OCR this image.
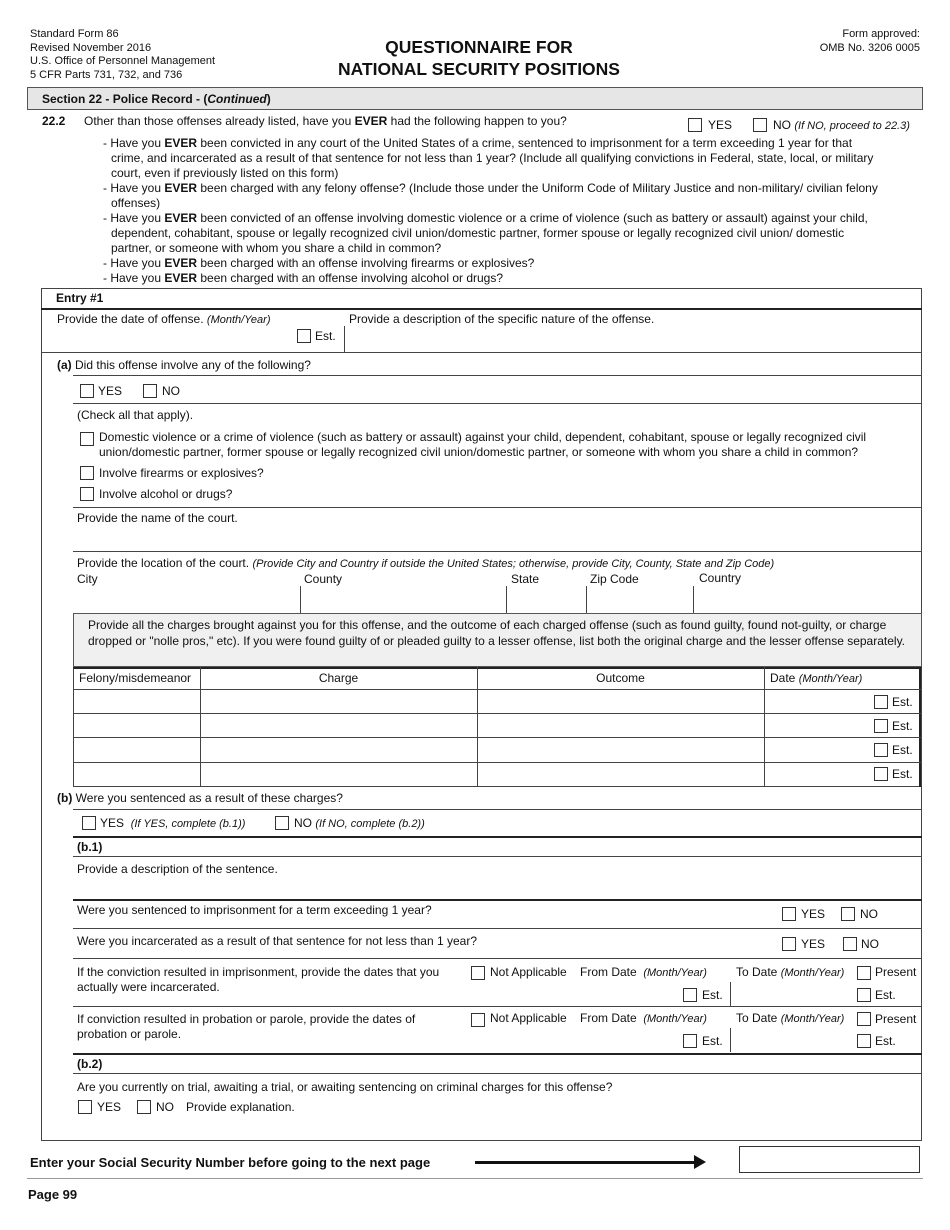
Standard Form 86
Revised November 2016
U.S. Office of Personnel Management
5 CFR Parts 731, 732, and 736
QUESTIONNAIRE FOR
NATIONAL SECURITY POSITIONS
Form approved:
OMB No. 3206 0005
Section 22 - Police Record - (Continued)
22.2 Other than those offenses already listed, have you EVER had the following happen to you?	YES	NO (If NO, proceed to 22.3)
- Have you EVER been convicted in any court of the United States of a crime, sentenced to imprisonment for a term exceeding 1 year for that crime, and incarcerated as a result of that sentence for not less than 1 year? (Include all qualifying convictions in Federal, state, local, or military court, even if previously listed on this form)
- Have you EVER been charged with any felony offense? (Include those under the Uniform Code of Military Justice and non-military/ civilian felony offenses)
- Have you EVER been convicted of an offense involving domestic violence or a crime of violence (such as battery or assault) against your child, dependent, cohabitant, spouse or legally recognized civil union/domestic partner, former spouse or legally recognized civil union/ domestic partner, or someone with whom you share a child in common?
- Have you EVER been charged with an offense involving firearms or explosives?
- Have you EVER been charged with an offense involving alcohol or drugs?
Entry #1
Provide the date of offense. (Month/Year)
Est.
Provide a description of the specific nature of the offense.
(a) Did this offense involve any of the following?
YES	NO
(Check all that apply).
Domestic violence or a crime of violence (such as battery or assault) against your child, dependent, cohabitant, spouse or legally recognized civil
union/domestic partner, former spouse or legally recognized civil union/domestic partner, or someone with whom you share a child in common?
Involve firearms or explosives?
Involve alcohol or drugs?
Provide the name of the court.
Provide the location of the court. (Provide City and Country if outside the United States; otherwise, provide City, County, State and Zip Code)
City	County	State	Zip Code	Country
Provide all the charges brought against you for this offense, and the outcome of each charged offense (such as found guilty, found not-guilty, or charge dropped or "nolle pros," etc). If you were found guilty of or pleaded guilty to a lesser offense, list both the original charge and the lesser offense separately.
Felony/misdemeanor	Charge	Outcome	Date (Month/Year)
Est.
Est.
Est.
Est.
(b) Were you sentenced as a result of these charges?
YES (If YES, complete (b.1))	NO (If NO, complete (b.2))
(b.1)
Provide a description of the sentence.
Were you sentenced to imprisonment for a term exceeding 1 year?	YES	NO
Were you incarcerated as a result of that sentence for not less than 1 year?	YES	NO
If the conviction resulted in imprisonment, provide the dates that you
actually were incarcerated.
Not Applicable From Date (Month/Year)
Est.
To Date (Month/Year)	Present
Est.
If conviction resulted in probation or parole, provide the dates of
probation or parole.
Not Applicable From Date (Month/Year)
Est.
To Date (Month/Year)	Present
Est.
(b.2)
Are you currently on trial, awaiting a trial, or awaiting sentencing on criminal charges for this offense?
YES	NO Provide explanation.
Enter your Social Security Number before going to the next page
Page 99
